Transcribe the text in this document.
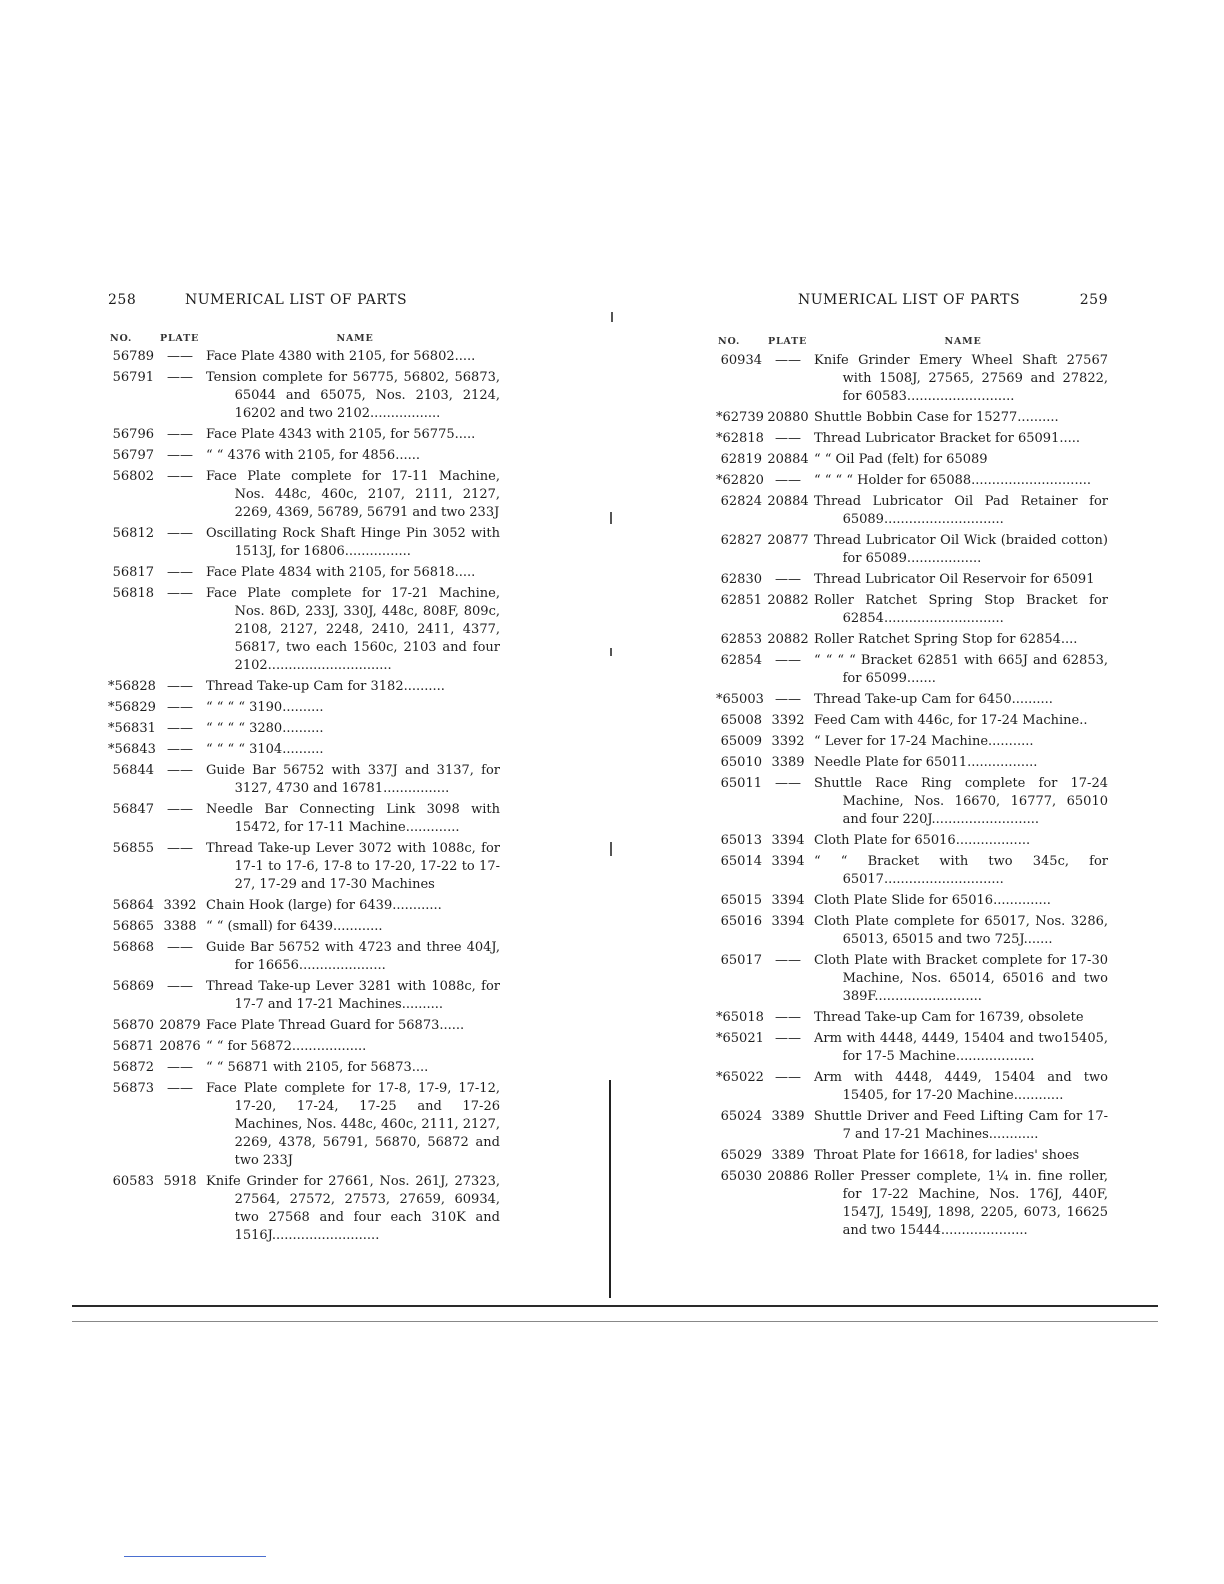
258	NUMERICAL LIST OF PARTS
NO.	PLATE	NAME
56789	——	Face Plate 4380 with 2105, for 56802.....
56791	——	Tension complete for 56775, 56802, 56873, 65044 and 65075, Nos. 2103, 2124, 16202 and two 2102.................
56796	——	Face Plate 4343 with 2105, for 56775.....
56797	——	“ “ 4376 with 2105, for 4856......
56802	——	Face Plate complete for 17-11 Machine, Nos. 448c, 460c, 2107, 2111, 2127, 2269, 4369, 56789, 56791 and two 233J
56812	——	Oscillating Rock Shaft Hinge Pin 3052 with 1513J, for 16806................
56817	——	Face Plate 4834 with 2105, for 56818.....
56818	——	Face Plate complete for 17-21 Machine, Nos. 86D, 233J, 330J, 448c, 808F, 809c, 2108, 2127, 2248, 2410, 2411, 4377, 56817, two each 1560c, 2103 and four 2102..............................
*56828 ——	Thread Take-up Cam for 3182..........
*56829 ——	“ “ “ “ 3190..........
*56831 ——	“ “ “ “ 3280..........
*56843 ——	“ “ “ “ 3104..........
56844	——	Guide Bar 56752 with 337J and 3137, for 3127, 4730 and 16781................
56847	——	Needle Bar Connecting Link 3098 with 15472, for 17-11 Machine.............
56855	——	Thread Take-up Lever 3072 with 1088c, for 17-1 to 17-6, 17-8 to 17-20, 17-22 to 17-27, 17-29 and 17-30 Machines
56864 3392 Chain Hook (large) for 6439............
56865 3388 “ “ (small) for 6439............
56868	——	Guide Bar 56752 with 4723 and three 404J, for 16656.....................
56869	——	Thread Take-up Lever 3281 with 1088c, for 17-7 and 17-21 Machines..........
56870 20879 Face Plate Thread Guard for 56873......
56871 20876 “ “ for 56872..................
56872	——	“ “ 56871 with 2105, for 56873....
56873	——	Face Plate complete for 17-8, 17-9, 17-12, 17-20, 17-24, 17-25 and 17-26 Machines, Nos. 448c, 460c, 2111, 2127, 2269, 4378, 56791, 56870, 56872 and two 233J
60583 5918 Knife Grinder for 27661, Nos. 261J, 27323, 27564, 27572, 27573, 27659, 60934, two 27568 and four each 310K and 1516J..........................
NUMERICAL LIST OF PARTS	259
NO.	PLATE	NAME
60934	——	Knife Grinder Emery Wheel Shaft 27567 with 1508J, 27565, 27569 and 27822, for 60583..........................
*62739 20880 Shuttle Bobbin Case for 15277..........
*62818 ——	Thread Lubricator Bracket for 65091.....
62819 20884 “ “ Oil Pad (felt) for 65089
*62820 ——	“ “ “ “ Holder for 65088.............................
62824 20884 Thread Lubricator Oil Pad Retainer for 65089.............................
62827 20877 Thread Lubricator Oil Wick (braided cotton) for 65089..................
62830	——	Thread Lubricator Oil Reservoir for 65091
62851 20882 Roller Ratchet Spring Stop Bracket for 62854.............................
62853 20882 Roller Ratchet Spring Stop for 62854....
62854	——	“ “ “ “ Bracket 62851 with 665J and 62853, for 65099.......
*65003 ——	Thread Take-up Cam for 6450..........
65008 3392 Feed Cam with 446c, for 17-24 Machine..
65009 3392 “ Lever for 17-24 Machine...........
65010 3389 Needle Plate for 65011.................
65011	——	Shuttle Race Ring complete for 17-24 Machine, Nos. 16670, 16777, 65010 and four 220J..........................
65013 3394 Cloth Plate for 65016..................
65014 3394 “ “ Bracket with two 345c, for 65017.............................
65015 3394 Cloth Plate Slide for 65016..............
65016 3394 Cloth Plate complete for 65017, Nos. 3286, 65013, 65015 and two 725J.......
65017	——	Cloth Plate with Bracket complete for 17-30 Machine, Nos. 65014, 65016 and two 389F..........................
*65018 ——	Thread Take-up Cam for 16739, obsolete
*65021 ——	Arm with 4448, 4449, 15404 and two15405, for 17-5 Machine...................
*65022 ——	Arm with 4448, 4449, 15404 and two 15405, for 17-20 Machine............
65024 3389 Shuttle Driver and Feed Lifting Cam for 17-7 and 17-21 Machines............
65029 3389 Throat Plate for 16618, for ladies' shoes
65030 20886 Roller Presser complete, 1¼ in. fine roller, for 17-22 Machine, Nos. 176J, 440F, 1547J, 1549J, 1898, 2205, 6073, 16625 and two 15444.....................
